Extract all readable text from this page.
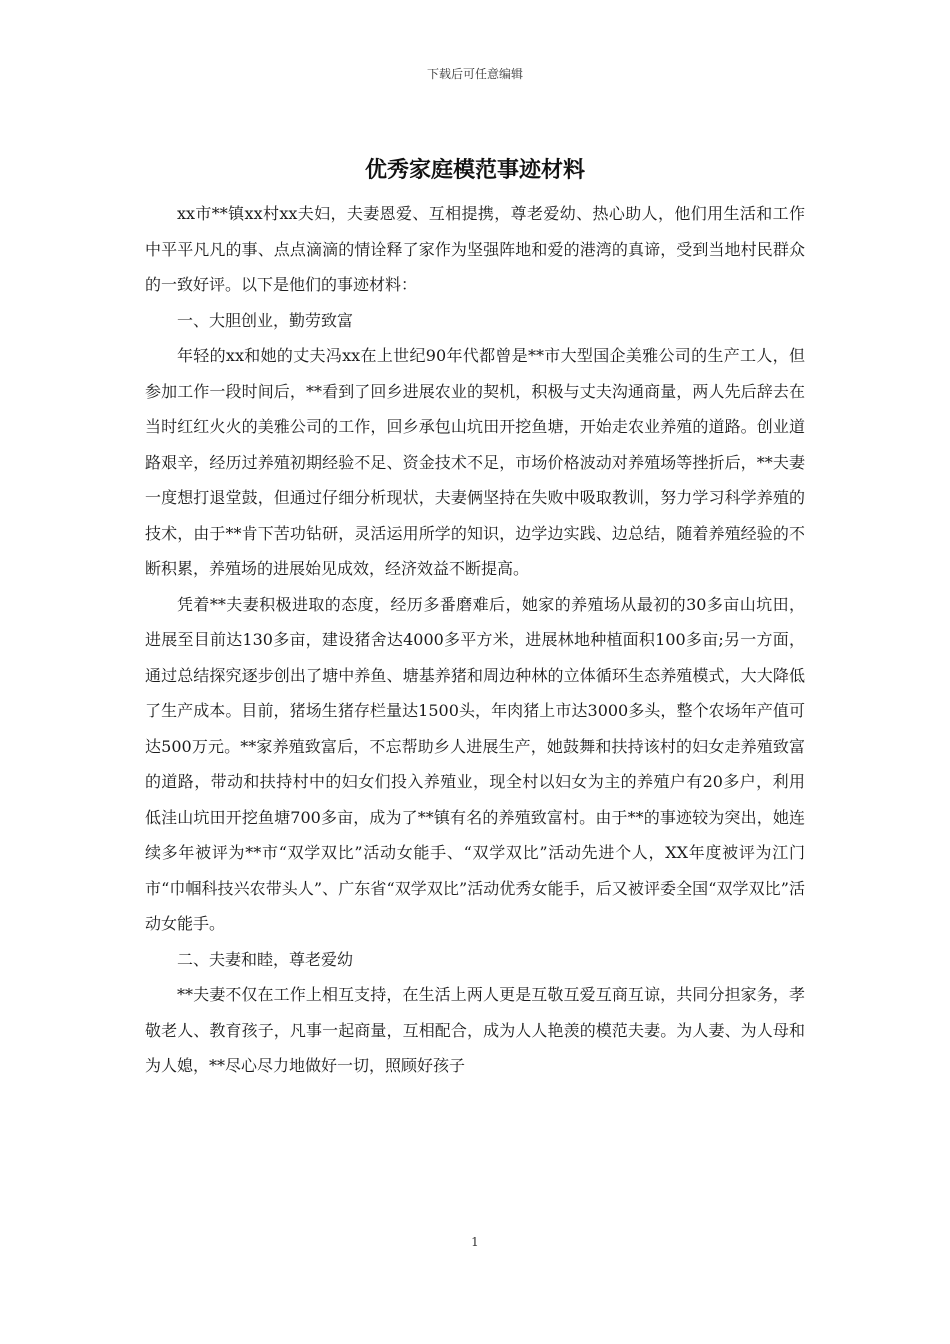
下载后可任意编辑
优秀家庭模范事迹材料

xx市**镇xx村xx夫妇，夫妻恩爱、互相提携，尊老爱幼、热心助人，他们用生活和工作中平平凡凡的事、点点滴滴的情诠释了家作为坚强阵地和爱的港湾的真谛，受到当地村民群众的一致好评。以下是他们的事迹材料：

一、大胆创业，勤劳致富

年轻的xx和她的丈夫冯xx在上世纪90年代都曾是**市大型国企美雅公司的生产工人，但参加工作一段时间后，**看到了回乡进展农业的契机，积极与丈夫沟通商量，两人先后辞去在当时红红火火的美雅公司的工作，回乡承包山坑田开挖鱼塘，开始走农业养殖的道路。创业道路艰辛，经历过养殖初期经验不足、资金技术不足，市场价格波动对养殖场等挫折后，**夫妻一度想打退堂鼓，但通过仔细分析现状，夫妻俩坚持在失败中吸取教训，努力学习科学养殖的技术，由于**肯下苦功钻研，灵活运用所学的知识，边学边实践、边总结，随着养殖经验的不断积累，养殖场的进展始见成效，经济效益不断提高。

凭着**夫妻积极进取的态度，经历多番磨难后，她家的养殖场从最初的30多亩山坑田，进展至目前达130多亩，建设猪舍达4000多平方米，进展林地种植面积100多亩;另一方面，通过总结探究逐步创出了塘中养鱼、塘基养猪和周边种林的立体循环生态养殖模式，大大降低了生产成本。目前，猪场生猪存栏量达1500头，年肉猪上市达3000多头，整个农场年产值可达500万元。**家养殖致富后，不忘帮助乡人进展生产，她鼓舞和扶持该村的妇女走养殖致富的道路，带动和扶持村中的妇女们投入养殖业，现全村以妇女为主的养殖户有20多户，利用低洼山坑田开挖鱼塘700多亩，成为了**镇有名的养殖致富村。由于**的事迹较为突出，她连续多年被评为**市“双学双比”活动女能手、“双学双比”活动先进个人，XX年度被评为江门市“巾帼科技兴农带头人”、广东省“双学双比”活动优秀女能手，后又被评委全国“双学双比”活动女能手。

二、夫妻和睦，尊老爱幼

**夫妻不仅在工作上相互支持，在生活上两人更是互敬互爱互商互谅，共同分担家务，孝敬老人、教育孩子，凡事一起商量，互相配合，成为人人艳羡的模范夫妻。为人妻、为人母和为人媳，**尽心尽力地做好一切，照顾好孩子

1
